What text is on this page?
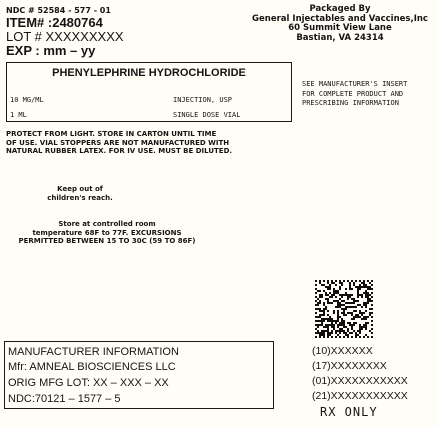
NDC # 52584 - 577 - 01
ITEM# :2480764
LOT # XXXXXXXXX
EXP : mm – yy
Packaged By
General Injectables and Vaccines,Inc
60 Summit View Lane
Bastian, VA 24314
PHENYLEPHRINE HYDROCHLORIDE
10 MG/ML	INJECTION, USP
1 ML	SINGLE DOSE VIAL
SEE MANUFACTURER'S INSERT
FOR COMPLETE PRODUCT AND
PRESCRIBING INFORMATION
PROTECT FROM LIGHT. STORE IN CARTON UNTIL TIME
OF USE. VIAL STOPPERS ARE NOT MANUFACTURED WITH
NATURAL RUBBER LATEX. FOR IV USE. MUST BE DILUTED.
Keep out of
children's reach.
Store at controlled room
temperature 68F to 77F. EXCURSIONS
PERMITTED BETWEEN 15 TO 30C (59 TO 86F)
MANUFACTURER INFORMATION
Mfr: AMNEAL BIOSCIENCES LLC
ORIG MFG LOT: XX – XXX – XX
NDC:70121 – 1577 – 5
(10)XXXXXX
(17)XXXXXXXX
(01)XXXXXXXXXXX
(21)XXXXXXXXXXX
RX ONLY
